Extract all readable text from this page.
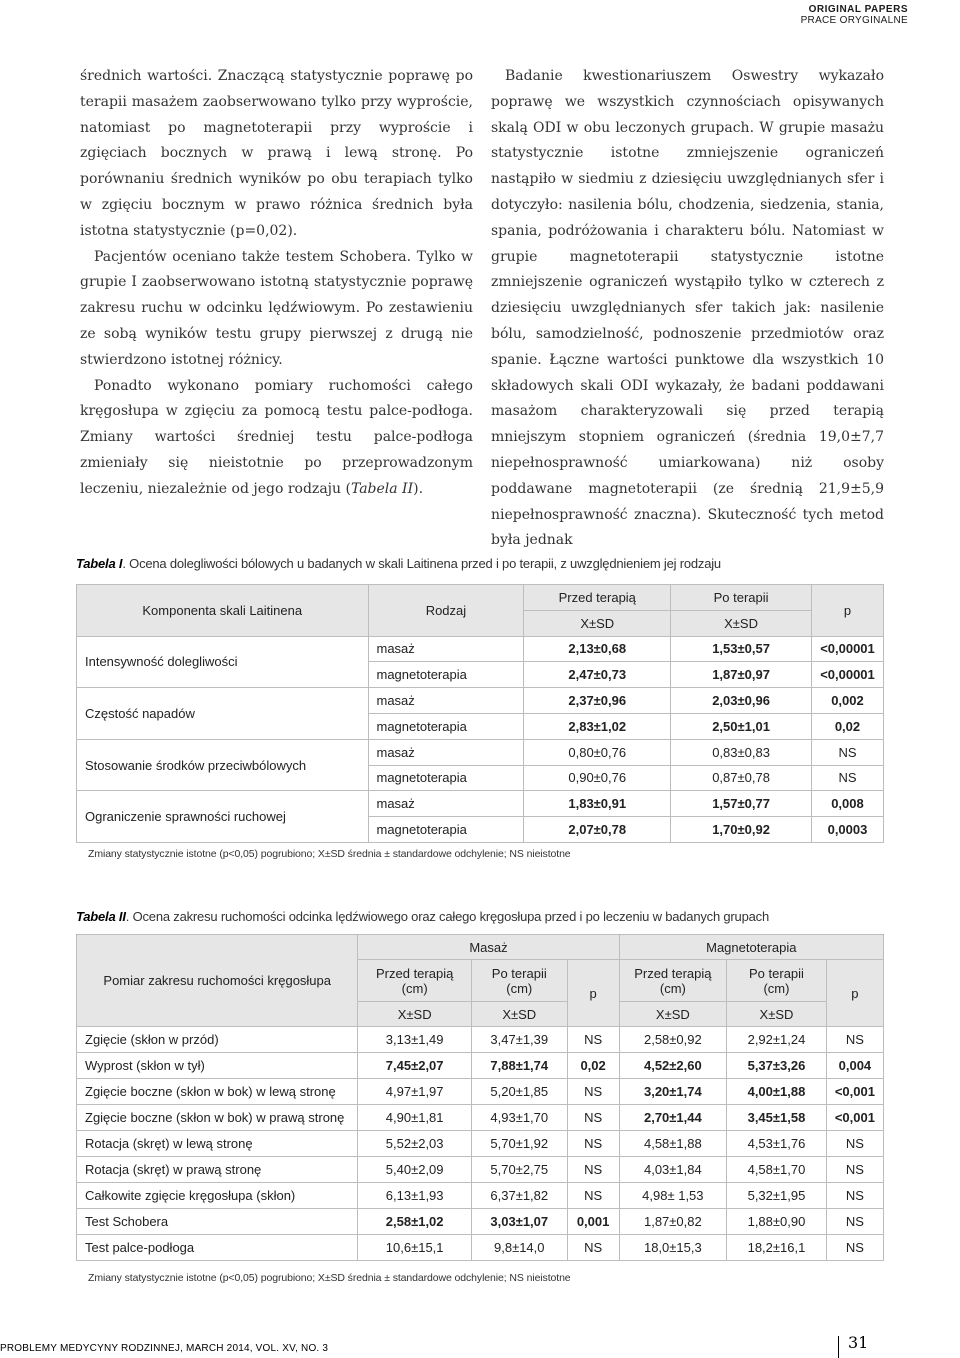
ORIGINAL PAPERS
PRACE ORYGINALNE

średnich wartości. Znaczącą statystycznie poprawę po terapii masażem zaobserwowano tylko przy wyproście, natomiast po magnetoterapii przy wyproście i zgięciach bocznych w prawą i lewą stronę. Po porównaniu średnich wyników po obu terapiach tylko w zgięciu bocznym w prawo różnica średnich była istotna statystycznie (p=0,02).

Pacjentów oceniano także testem Schobera. Tylko w grupie I zaobserwowano istotną statystycznie poprawę zakresu ruchu w odcinku lędźwiowym. Po zestawieniu ze sobą wyników testu grupy pierwszej z drugą nie stwierdzono istotnej różnicy.

Ponadto wykonano pomiary ruchomości całego kręgosłupa w zgięciu za pomocą testu palce-podłoga. Zmiany wartości średniej testu palce-podłoga zmieniały się nieistotnie po przeprowadzonym leczeniu, niezależnie od jego rodzaju (Tabela II).

Badanie kwestionariuszem Oswestry wykazało poprawę we wszystkich czynnościach opisywanych skalą ODI w obu leczonych grupach. W grupie masażu statystycznie istotne zmniejszenie ograniczeń nastąpiło w siedmiu z dziesięciu uwzględnianych sfer i dotyczyło: nasilenia bólu, chodzenia, siedzenia, stania, spania, podróżowania i charakteru bólu. Natomiast w grupie magnetoterapii statystycznie istotne zmniejszenie ograniczeń wystąpiło tylko w czterech z dziesięciu uwzględnianych sfer takich jak: nasilenie bólu, samodzielność, podnoszenie przedmiotów oraz spanie. Łączne wartości punktowe dla wszystkich 10 składowych skali ODI wykazały, że badani poddawani masażom charakteryzowali się przed terapią mniejszym stopniem ograniczeń (średnia 19,0±7,7 niepełnosprawność umiarkowana) niż osoby poddawane magnetoterapii (ze średnią 21,9±5,9 niepełnosprawność znaczna). Skuteczność tych metod była jednak

Tabela I. Ocena dolegliwości bólowych u badanych w skali Laitinena przed i po terapii, z uwzględnieniem jej rodzaju
Komponenta skali Laitinena	Rodzaj	Przed terapią	Po terapii	p
		X±SD	X±SD	
Intensywność dolegliwości	masaż	2,13±0,68	1,53±0,57	<0,00001
	magnetoterapia	2,47±0,73	1,87±0,97	<0,00001
Częstość napadów	masaż	2,37±0,96	2,03±0,96	0,002
	magnetoterapia	2,83±1,02	2,50±1,01	0,02
Stosowanie środków przeciwbólowych	masaż	0,80±0,76	0,83±0,83	NS
	magnetoterapia	0,90±0,76	0,87±0,78	NS
Ograniczenie sprawności ruchowej	masaż	1,83±0,91	1,57±0,77	0,008
	magnetoterapia	2,07±0,78	1,70±0,92	0,0003
Zmiany statystycznie istotne (p<0,05) pogrubiono; X±SD średnia ± standardowe odchylenie; NS nieistotne
Tabela II. Ocena zakresu ruchomości odcinka lędźwiowego oraz całego kręgosłupa przed i po leczeniu w badanych grupach
Pomiar zakresu ruchomości kręgosłupa	Masaż			Magnetoterapia		
	Przed terapią (cm)	Po terapii (cm)	p	Przed terapią (cm)	Po terapii (cm)	p
	X±SD	X±SD		X±SD	X±SD	
Zgięcie (skłon w przód)	3,13±1,49	3,47±1,39	NS	2,58±0,92	2,92±1,24	NS
Wyprost (skłon w tył)	7,45±2,07	7,88±1,74	0,02	4,52±2,60	5,37±3,26	0,004
Zgięcie boczne (skłon w bok) w lewą stronę	4,97±1,97	5,20±1,85	NS	3,20±1,74	4,00±1,88	<0,001
Zgięcie boczne (skłon w bok) w prawą stronę	4,90±1,81	4,93±1,70	NS	2,70±1,44	3,45±1,58	<0,001
Rotacja (skręt) w lewą stronę	5,52±2,03	5,70±1,92	NS	4,58±1,88	4,53±1,76	NS
Rotacja (skręt) w prawą stronę	5,40±2,09	5,70±2,75	NS	4,03±1,84	4,58±1,70	NS
Całkowite zgięcie kręgosłupa (skłon)	6,13±1,93	6,37±1,82	NS	4,98± 1,53	5,32±1,95	NS
Test Schobera	2,58±1,02	3,03±1,07	0,001	1,87±0,82	1,88±0,90	NS
Test palce-podłoga	10,6±15,1	9,8±14,0	NS	18,0±15,3	18,2±16,1	NS
Zmiany statystycznie istotne (p<0,05) pogrubiono; X±SD średnia ± standardowe odchylenie; NS nieistotne
PROBLEMY MEDYCYNY RODZINNEJ, MARCH 2014, VOL. XV, NO. 3	31
